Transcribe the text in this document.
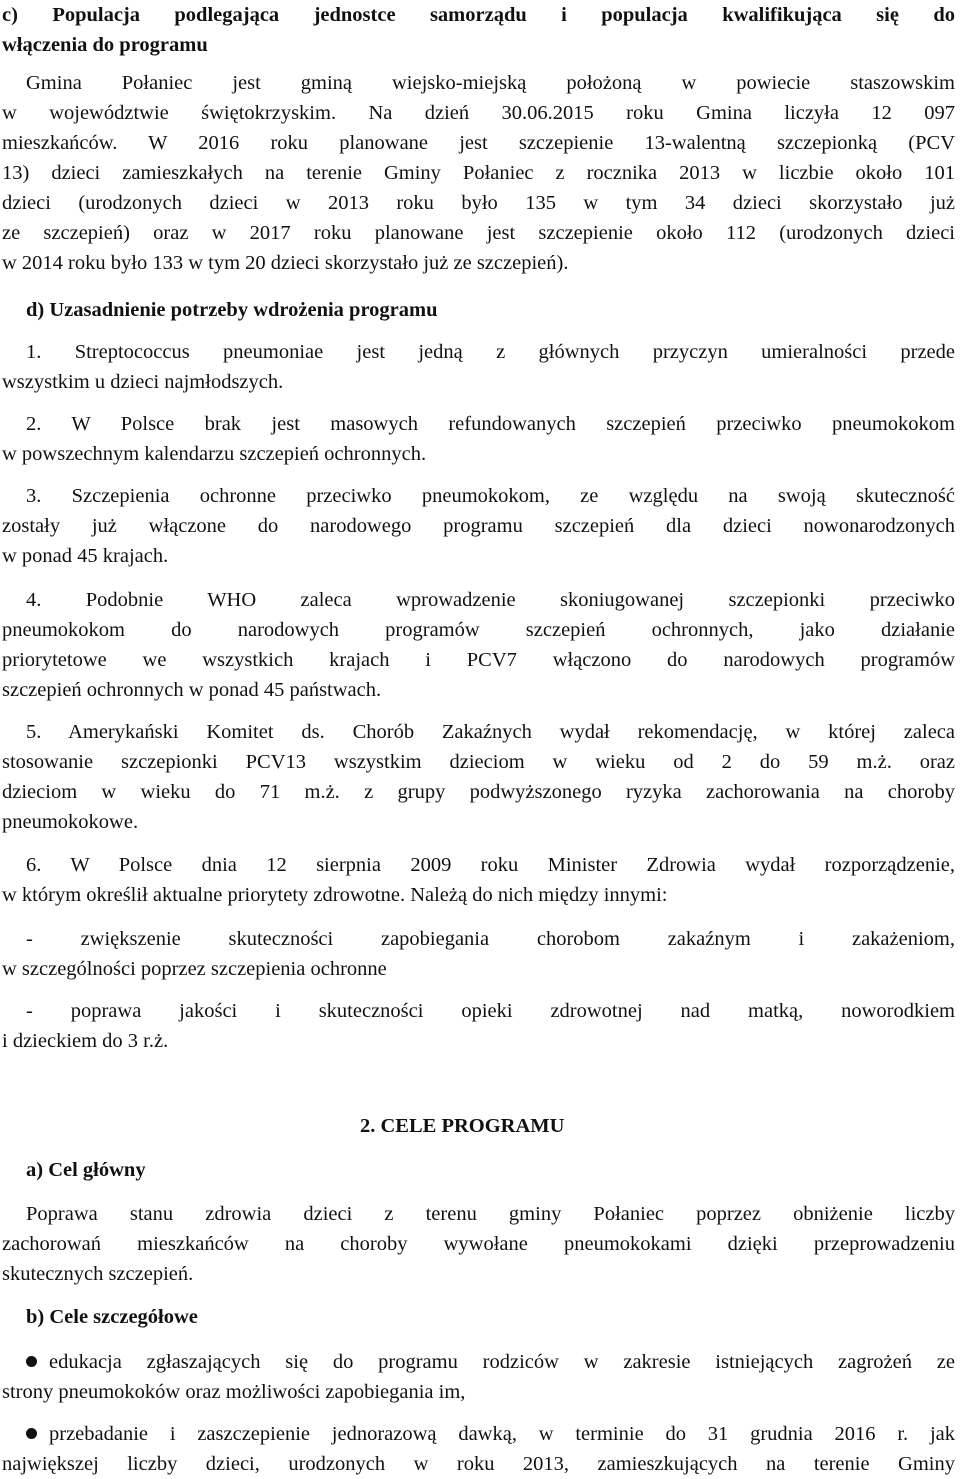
c) Populacja podlegająca jednostce samorządu i populacja kwalifikująca się do
włączenia do programu
Gmina Połaniec jest gminą wiejsko-miejską położoną w powiecie staszowskim
w województwie świętokrzyskim. Na dzień 30.06.2015 roku Gmina liczyła 12 097
mieszkańców. W 2016 roku planowane jest szczepienie 13-walentną szczepionką (PCV
13) dzieci zamieszkałych na terenie Gminy Połaniec z rocznika 2013 w liczbie około 101
dzieci (urodzonych dzieci w 2013 roku było 135 w tym 34 dzieci skorzystało już
ze szczepień) oraz w 2017 roku planowane jest szczepienie około 112 (urodzonych dzieci
w 2014 roku było 133 w tym 20 dzieci skorzystało już ze szczepień).
d) Uzasadnienie potrzeby wdrożenia programu
1. Streptococcus pneumoniae jest jedną z głównych przyczyn umieralności przede
wszystkim u dzieci najmłodszych.
2. W Polsce brak jest masowych refundowanych szczepień przeciwko pneumokokom
w powszechnym kalendarzu szczepień ochronnych.
3. Szczepienia ochronne przeciwko pneumokokom, ze względu na swoją skuteczność
zostały już włączone do narodowego programu szczepień dla dzieci nowonarodzonych
w ponad 45 krajach.
4. Podobnie WHO zaleca wprowadzenie skoniugowanej szczepionki przeciwko
pneumokokom do narodowych programów szczepień ochronnych, jako działanie
priorytetowe we wszystkich krajach i PCV7 włączono do narodowych programów
szczepień ochronnych w ponad 45 państwach.
5. Amerykański Komitet ds. Chorób Zakaźnych wydał rekomendację, w której zaleca
stosowanie szczepionki PCV13 wszystkim dzieciom w wieku od 2 do 59 m.ż. oraz
dzieciom w wieku do 71 m.ż. z grupy podwyższonego ryzyka zachorowania na choroby
pneumokokowe.
6. W Polsce dnia 12 sierpnia 2009 roku Minister Zdrowia wydał rozporządzenie,
w którym określił aktualne priorytety zdrowotne. Należą do nich między innymi:
- zwiększenie skuteczności zapobiegania chorobom zakaźnym i zakażeniom,
w szczególności poprzez szczepienia ochronne
- poprawa jakości i skuteczności opieki zdrowotnej nad matką, noworodkiem
i dzieckiem do 3 r.ż.
2. CELE PROGRAMU
a) Cel główny
Poprawa stanu zdrowia dzieci z terenu gminy Połaniec poprzez obniżenie liczby
zachorowań mieszkańców na choroby wywołane pneumokokami dzięki przeprowadzeniu
skutecznych szczepień.
b) Cele szczegółowe
edukacja zgłaszających się do programu rodziców w zakresie istniejących zagrożeń ze
strony pneumokoków oraz możliwości zapobiegania im,
przebadanie i zaszczepienie jednorazową dawką, w terminie do 31 grudnia 2016 r. jak
największej liczby dzieci, urodzonych w roku 2013, zamieszkujących na terenie Gminy
